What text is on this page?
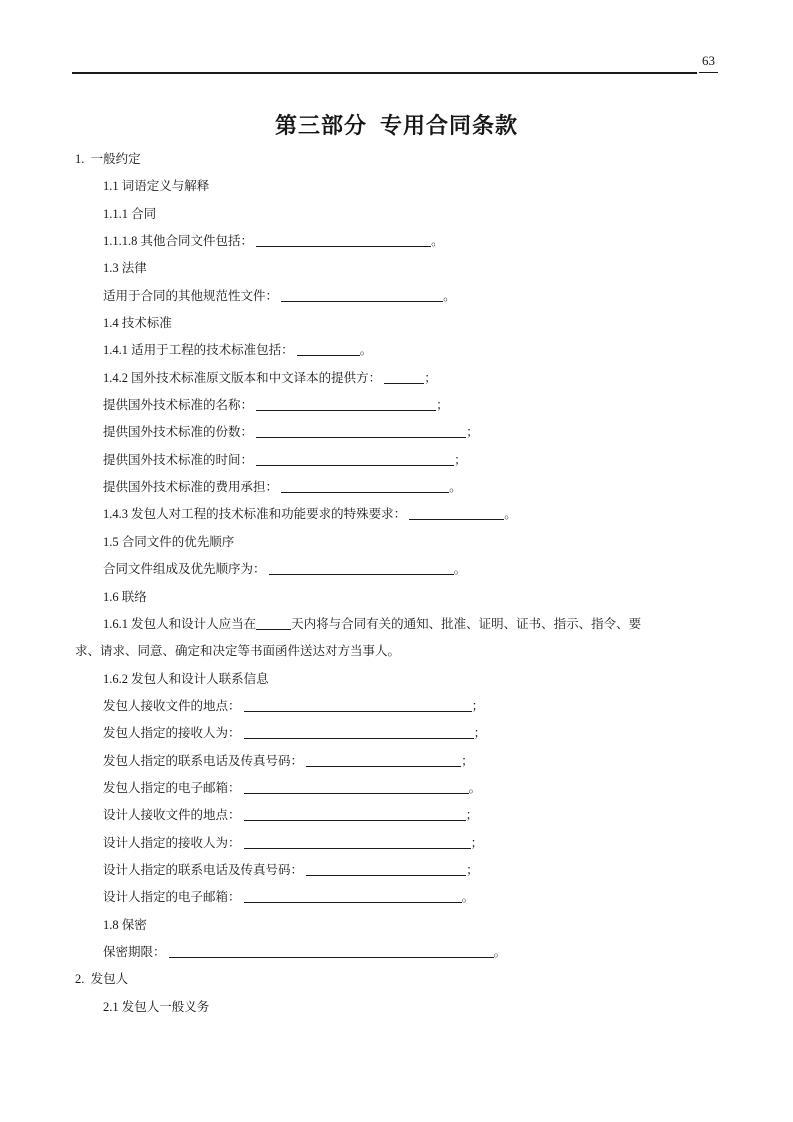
63
第三部分  专用合同条款
1.  一般约定
1.1 词语定义与解释
1.1.1 合同
1.1.1.8 其他合同文件包括：	。
1.3 法律
适用于合同的其他规范性文件：	。
1.4 技术标准
1.4.1 适用于工程的技术标准包括：	。
1.4.2 国外技术标准原文版本和中文译本的提供方：	；
提供国外技术标准的名称：	；
提供国外技术标准的份数：	；
提供国外技术标准的时间：	；
提供国外技术标准的费用承担：	。
1.4.3 发包人对工程的技术标准和功能要求的特殊要求：	。
1.5 合同文件的优先顺序
合同文件组成及优先顺序为：	。
1.6 联络
1.6.1 发包人和设计人应当在	天内将与合同有关的通知、批准、证明、证书、指示、指令、要
求、请求、同意、确定和决定等书面函件送达对方当事人。
1.6.2 发包人和设计人联系信息
发包人接收文件的地点：	；
发包人指定的接收人为：	；
发包人指定的联系电话及传真号码：	；
发包人指定的电子邮箱：	。
设计人接收文件的地点：	；
设计人指定的接收人为：	；
设计人指定的联系电话及传真号码：	；
设计人指定的电子邮箱：	。
1.8 保密
保密期限：	。
2.  发包人
2.1 发包人一般义务
